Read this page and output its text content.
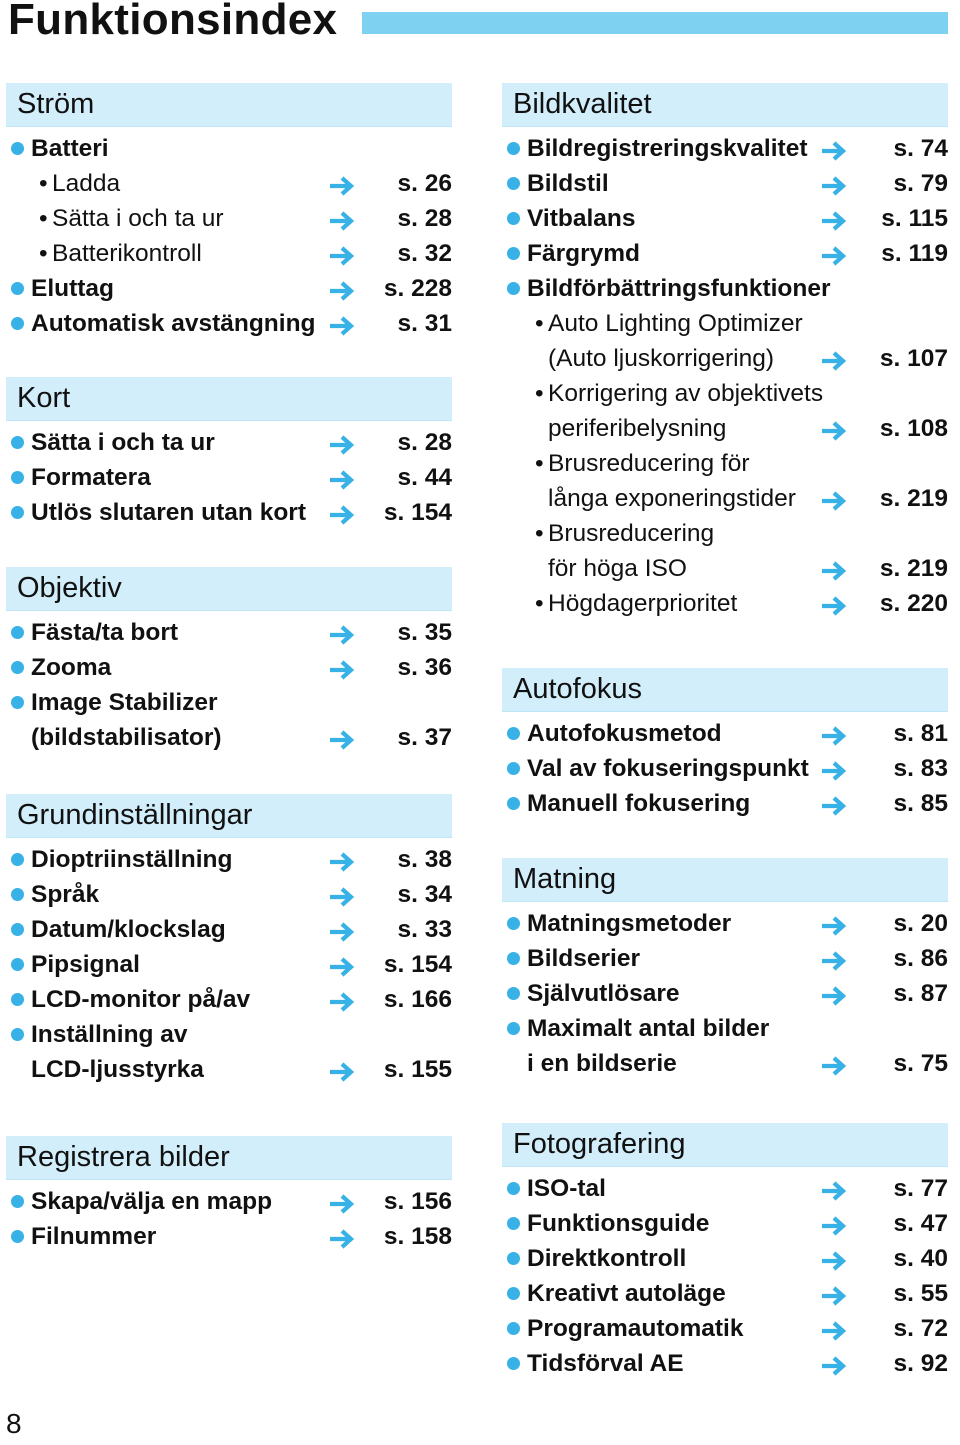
Funktionsindex
Ström
Batteri
• Ladda	s. 26
• Sätta i och ta ur	s. 28
• Batterikontroll	s. 32
Eluttag	s. 228
Automatisk avstängning	s. 31
Kort
Sätta i och ta ur	s. 28
Formatera	s. 44
Utlös slutaren utan kort	s. 154
Objektiv
Fästa/ta bort	s. 35
Zooma	s. 36
Image Stabilizer
(bildstabilisator)	s. 37
Grundinställningar
Dioptriinställning	s. 38
Språk	s. 34
Datum/klockslag	s. 33
Pipsignal	s. 154
LCD-monitor på/av	s. 166
Inställning av
LCD-ljusstyrka	s. 155
Registrera bilder
Skapa/välja en mapp	s. 156
Filnummer	s. 158
Bildkvalitet
Bildregistreringskvalitet	s. 74
Bildstil	s. 79
Vitbalans	s. 115
Färgrymd	s. 119
Bildförbättringsfunktioner
• Auto Lighting Optimizer
(Auto ljuskorrigering)	s. 107
• Korrigering av objektivets
periferibelysning	s. 108
• Brusreducering för
långa exponeringstider	s. 219
• Brusreducering
för höga ISO	s. 219
• Högdagerprioritet	s. 220
Autofokus
Autofokusmetod	s. 81
Val av fokuseringspunkt	s. 83
Manuell fokusering	s. 85
Matning
Matningsmetoder	s. 20
Bildserier	s. 86
Självutlösare	s. 87
Maximalt antal bilder
i en bildserie	s. 75
Fotografering
ISO-tal	s. 77
Funktionsguide	s. 47
Direktkontroll	s. 40
Kreativt autoläge	s. 55
Programautomatik	s. 72
Tidsförval AE	s. 92
8
